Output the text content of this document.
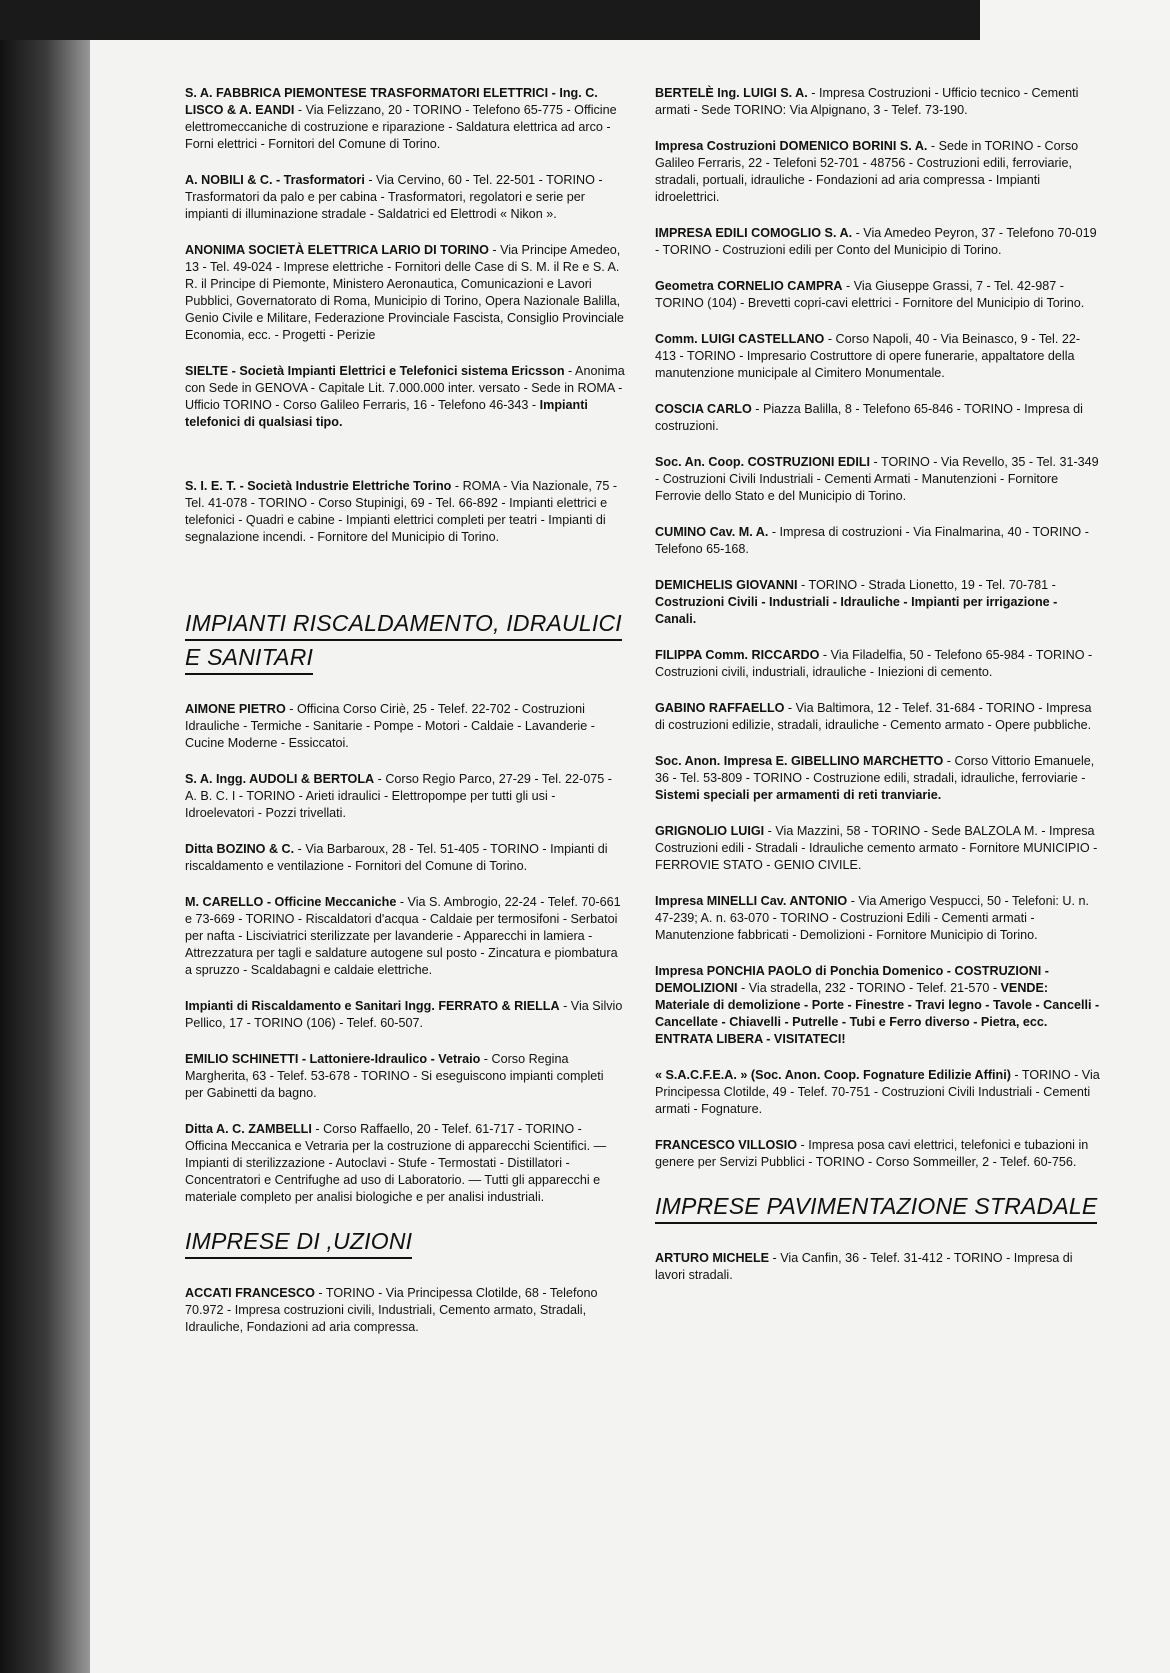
S. A. FABBRICA PIEMONTESE TRASFORMATORI ELETTRICI - Ing. C. LISCO & A. EANDI - Via Felizzano, 20 - TORINO - Telefono 65-775 - Officine elettromeccaniche di costruzione e riparazione - Saldatura elettrica ad arco - Forni elettrici - Fornitori del Comune di Torino.
A. NOBILI & C. - Trasformatori - Via Cervino, 60 - Tel. 22-501 - TORINO - Trasformatori da palo e per cabina - Trasformatori, regolatori e serie per impianti di illuminazione stradale - Saldatrici ed Elettrodi « Nikon ».
ANONIMA SOCIETÀ ELETTRICA LARIO DI TORINO - Via Principe Amedeo, 13 - Tel. 49-024 - Imprese elettriche - Fornitori delle Case di S. M. il Re e S. A. R. il Principe di Piemonte, Ministero Aeronautica, Comunicazioni e Lavori Pubblici, Governatorato di Roma, Municipio di Torino, Opera Nazionale Balilla, Genio Civile e Militare, Federazione Provinciale Fascista, Consiglio Provinciale Economia, ecc. - Progetti - Perizie
SIELTE - Società Impianti Elettrici e Telefonici sistema Ericsson - Anonima con Sede in GENOVA - Capitale Lit. 7.000.000 inter. versato - Sede in ROMA - Ufficio TORINO - Corso Galileo Ferraris, 16 - Telefono 46-343 - Impianti telefonici di qualsiasi tipo.
S. I. E. T. - Società Industrie Elettriche Torino - ROMA - Via Nazionale, 75 - Tel. 41-078 - TORINO - Corso Stupinigi, 69 - Tel. 66-892 - Impianti elettrici e telefonici - Quadri e cabine - Impianti elettrici completi per teatri - Impianti di segnalazione incendi. - Fornitore del Municipio di Torino.
IMPIANTI RISCALDAMENTO, IDRAULICI
E SANITARI
AIMONE PIETRO - Officina Corso Ciriè, 25 - Telef. 22-702 - Costruzioni Idrauliche - Termiche - Sanitarie - Pompe - Motori - Caldaie - Lavanderie - Cucine Moderne - Essiccatoi.
S. A. Ingg. AUDOLI & BERTOLA - Corso Regio Parco, 27-29 - Tel. 22-075 - A. B. C. I - TORINO - Arieti idraulici - Elettropompe per tutti gli usi - Idroelevatori - Pozzi trivellati.
Ditta BOZINO & C. - Via Barbaroux, 28 - Tel. 51-405 - TORINO - Impianti di riscaldamento e ventilazione - Fornitori del Comune di Torino.
M. CARELLO - Officine Meccaniche - Via S. Ambrogio, 22-24 - Telef. 70-661 e 73-669 - TORINO - Riscaldatori d'acqua - Caldaie per termosifoni - Serbatoi per nafta - Lisciviatrici sterilizzate per lavanderie - Apparecchi in lamiera - Attrezzatura per tagli e saldature autogene sul posto - Zincatura e piombatura a spruzzo - Scaldabagni e caldaie elettriche.
Impianti di Riscaldamento e Sanitari Ingg. FERRATO & RIELLA - Via Silvio Pellico, 17 - TORINO (106) - Telef. 60-507.
EMILIO SCHINETTI - Lattoniere-Idraulico - Vetraio - Corso Regina Margherita, 63 - Telef. 53-678 - TORINO - Si eseguiscono impianti completi per Gabinetti da bagno.
Ditta A. C. ZAMBELLI - Corso Raffaello, 20 - Telef. 61-717 - TORINO - Officina Meccanica e Vetraria per la costruzione di apparecchi Scientifici. — Impianti di sterilizzazione - Autoclavi - Stufe - Termostati - Distillatori - Concentratori e Centrifughe ad uso di Laboratorio. — Tutti gli apparecchi e materiale completo per analisi biologiche e per analisi industriali.
IMPRESE DI ,UZIONI
ACCATI FRANCESCO - TORINO - Via Principessa Clotilde, 68 - Telefono 70.972 - Impresa costruzioni civili, Industriali, Cemento armato, Stradali, Idrauliche, Fondazioni ad aria compressa.
BERTELÈ Ing. LUIGI S. A. - Impresa Costruzioni - Ufficio tecnico - Cementi armati - Sede TORINO: Via Alpignano, 3 - Telef. 73-190.
Impresa Costruzioni DOMENICO BORINI S. A. - Sede in TORINO - Corso Galileo Ferraris, 22 - Telefoni 52-701 - 48756 - Costruzioni edili, ferroviarie, stradali, portuali, idrauliche - Fondazioni ad aria compressa - Impianti idroelettrici.
IMPRESA EDILI COMOGLIO S. A. - Via Amedeo Peyron, 37 - Telefono 70-019 - TORINO - Costruzioni edili per Conto del Municipio di Torino.
Geometra CORNELIO CAMPRA - Via Giuseppe Grassi, 7 - Tel. 42-987 - TORINO (104) - Brevetti copri-cavi elettrici - Fornitore del Municipio di Torino.
Comm. LUIGI CASTELLANO - Corso Napoli, 40 - Via Beinasco, 9 - Tel. 22-413 - TORINO - Impresario Costruttore di opere funerarie, appaltatore della manutenzione municipale al Cimitero Monumentale.
COSCIA CARLO - Piazza Balilla, 8 - Telefono 65-846 - TORINO - Impresa di costruzioni.
Soc. An. Coop. COSTRUZIONI EDILI - TORINO - Via Revello, 35 - Tel. 31-349 - Costruzioni Civili Industriali - Cementi Armati - Manutenzioni - Fornitore Ferrovie dello Stato e del Municipio di Torino.
CUMINO Cav. M. A. - Impresa di costruzioni - Via Finalmarina, 40 - TORINO - Telefono 65-168.
DEMICHELIS GIOVANNI - TORINO - Strada Lionetto, 19 - Tel. 70-781 - Costruzioni Civili - Industriali - Idrauliche - Impianti per irrigazione - Canali.
FILIPPA Comm. RICCARDO - Via Filadelfia, 50 - Telefono 65-984 - TORINO - Costruzioni civili, industriali, idrauliche - Iniezioni di cemento.
GABINO RAFFAELLO - Via Baltimora, 12 - Telef. 31-684 - TORINO - Impresa di costruzioni edilizie, stradali, idrauliche - Cemento armato - Opere pubbliche.
Soc. Anon. Impresa E. GIBELLINO MARCHETTO - Corso Vittorio Emanuele, 36 - Tel. 53-809 - TORINO - Costruzione edili, stradali, idrauliche, ferroviarie - Sistemi speciali per armamenti di reti tranviarie.
GRIGNOLIO LUIGI - Via Mazzini, 58 - TORINO - Sede BALZOLA M. - Impresa Costruzioni edili - Stradali - Idrauliche cemento armato - Fornitore MUNICIPIO - FERROVIE STATO - GENIO CIVILE.
Impresa MINELLI Cav. ANTONIO - Via Amerigo Vespucci, 50 - Telefoni: U. n. 47-239; A. n. 63-070 - TORINO - Costruzioni Edili - Cementi armati - Manutenzione fabbricati - Demolizioni - Fornitore Municipio di Torino.
Impresa PONCHIA PAOLO di Ponchia Domenico - COSTRUZIONI - DEMOLIZIONI - Via stradella, 232 - TORINO - Telef. 21-570 - VENDE: Materiale di demolizione - Porte - Finestre - Travi legno - Tavole - Cancelli - Cancellate - Chiavelli - Putrelle - Tubi e Ferro diverso - Pietra, ecc. ENTRATA LIBERA - VISITATECI!
« S.A.C.F.E.A. » (Soc. Anon. Coop. Fognature Edilizie Affini) - TORINO - Via Principessa Clotilde, 49 - Telef. 70-751 - Costruzioni Civili Industriali - Cementi armati - Fognature.
FRANCESCO VILLOSIO - Impresa posa cavi elettrici, telefonici e tubazioni in genere per Servizi Pubblici - TORINO - Corso Sommeiller, 2 - Telef. 60-756.
IMPRESE PAVIMENTAZIONE STRADALE
ARTURO MICHELE - Via Canfin, 36 - Telef. 31-412 - TORINO - Impresa di lavori stradali.
